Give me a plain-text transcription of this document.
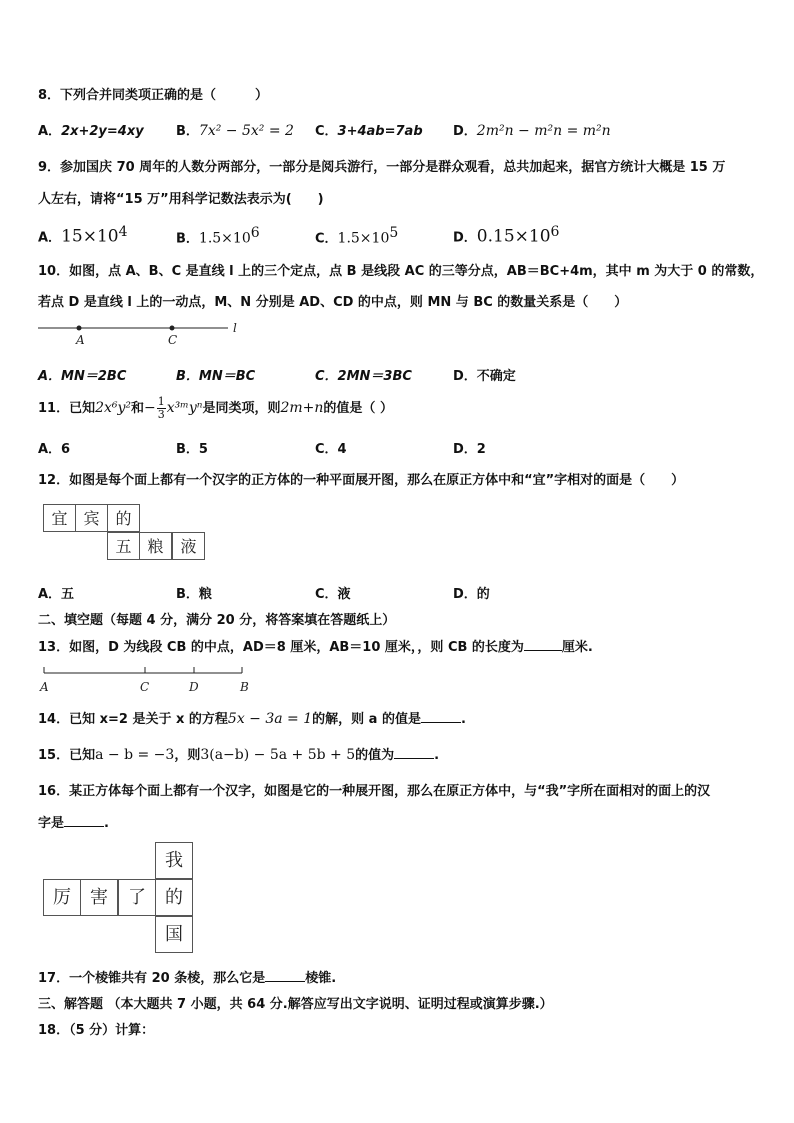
8．下列合并同类项正确的是（　　　）
A．2x+2y=4xy B．7x² − 5x² = 2 C．3+4ab=7ab D．2m²n − m²n = m²n
9．参加国庆 70 周年的人数分两部分，一部分是阅兵游行，一部分是群众观看，总共加起来，据官方统计大概是 15 万
人左右，请将“15 万”用科学记数法表示为(　　)
A．$15\times 10^4$	B．$1.5\times 10^6$	C．$1.5\times 10^5$	D．$0.15\times 10^6$
10．如图，点 A、B、C 是直线 l 上的三个定点，点 B 是线段 AC 的三等分点，AB＝BC+4m，其中 m 为大于 0 的常数，
若点 D 是直线 l 上的一动点，M、N 分别是 AD、CD 的中点，则 MN 与 BC 的数量关系是（　　）
A	C
l
A．MN＝2BC	B．MN＝BC	C．2MN＝3BC	D．不确定
11．已知2x⁶y²和− $\frac{1}{3}$ x³ᵐyⁿ是同类项，则2m+n的值是（ ）
A．6	B．5	C．4	D．2
12．如图是每个面上都有一个汉字的正方体的一种平面展开图，那么在原正方体中和“宜”字相对的面是（　　）
宜 宾 的
五 粮	液
A．五	B．粮	C．液	D．的
二、填空题（每题 4 分，满分 20 分，将答案填在答题纸上）
13．如图，D 为线段 CB 的中点，AD＝8 厘米，AB＝10 厘米，，则 CB 的长度为	厘米.
A	C	D	B
14．已知 x=2 是关于 x 的方程5x − 3a = 1的解，则 a 的值是	.
15．已知a − b = −3，则3(a−b) − 5a + 5b + 5的值为	.
16．某正方体每个面上都有一个汉字，如图是它的一种展开图，那么在原正方体中，与“我”字所在面相对的面上的汉
字是	.
我
厉	害	了	的
国
17．一个棱锥共有 20 条棱，那么它是	棱锥.
三、解答题 （本大题共 7 小题，共 64 分.解答应写出文字说明、证明过程或演算步骤.）
18．（5 分）计算：
